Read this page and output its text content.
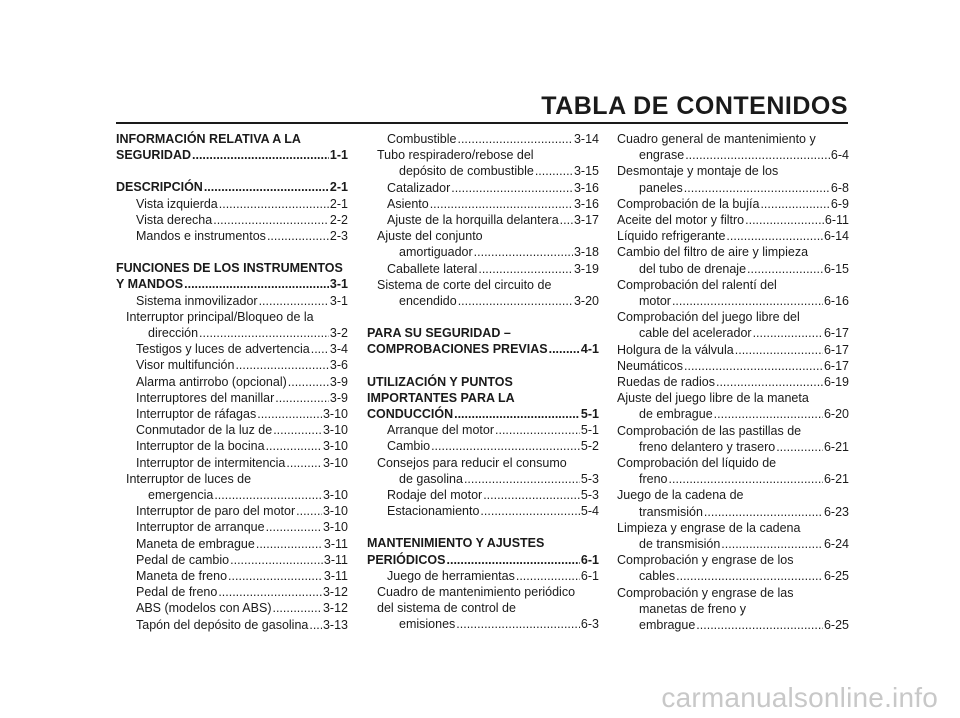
TABLA DE CONTENIDOS
INFORMACIÓN RELATIVA A LA
SEGURIDAD .....	1-1
DESCRIPCIÓN .....	2-1
Vista izquierda .....	2-1
Vista derecha .....	2-2
Mandos e instrumentos .....	2-3
FUNCIONES DE LOS INSTRUMENTOS
Y MANDOS .....	3-1
Sistema inmovilizador .....	3-1
Interruptor principal/Bloqueo de la
dirección .....	3-2
Testigos y luces de advertencia ..... 3-4
Visor multifunción .....	3-6
Alarma antirrobo (opcional) .....	3-9
Interruptores del manillar .....	3-9
Interruptor de ráfagas .....	3-10
Conmutador de la luz de .....	3-10
Interruptor de la bocina .....	3-10
Interruptor de intermitencia .....	3-10
Interruptor de luces de
emergencia .....	3-10
Interruptor de paro del motor ..... 3-10
Interruptor de arranque .....	3-10
Maneta de embrague .....	3-11
Pedal de cambio .....	3-11
Maneta de freno .....	3-11
Pedal de freno .....	3-12
ABS (modelos con ABS) .....	3-12
Tapón del depósito de gasolina ..... 3-13
Combustible .....	3-14
Tubo respiradero/rebose del
depósito de combustible .....	3-15
Catalizador .....	3-16
Asiento .....	3-16
Ajuste de la horquilla delantera ..... 3-17
Ajuste del conjunto
amortiguador .....	3-18
Caballete lateral .....	3-19
Sistema de corte del circuito de
encendido .....	3-20
PARA SU SEGURIDAD –
COMPROBACIONES PREVIAS .....	4-1
UTILIZACIÓN Y PUNTOS
IMPORTANTES PARA LA
CONDUCCIÓN .....	5-1
Arranque del motor .....	5-1
Cambio .....	5-2
Consejos para reducir el consumo
de gasolina .....	5-3
Rodaje del motor .....	5-3
Estacionamiento .....	5-4
MANTENIMIENTO Y AJUSTES
PERIÓDICOS .....	6-1
Juego de herramientas .....	6-1
Cuadro de mantenimiento periódico
del sistema de control de
emisiones .....	6-3
Cuadro general de mantenimiento y
engrase .....	6-4
Desmontaje y montaje de los
paneles .....	6-8
Comprobación de la bujía .....	6-9
Aceite del motor y filtro .....	6-11
Líquido refrigerante .....	6-14
Cambio del filtro de aire y limpieza
del tubo de drenaje .....	6-15
Comprobación del ralentí del
motor .....	6-16
Comprobación del juego libre del
cable del acelerador .....	6-17
Holgura de la válvula .....	6-17
Neumáticos .....	6-17
Ruedas de radios .....	6-19
Ajuste del juego libre de la maneta
de embrague .....	6-20
Comprobación de las pastillas de
freno delantero y trasero .....	6-21
Comprobación del líquido de
freno .....	6-21
Juego de la cadena de
transmisión .....	6-23
Limpieza y engrase de la cadena
de transmisión .....	6-24
Comprobación y engrase de los
cables .....	6-25
Comprobación y engrase de las
manetas de freno y
embrague .....	6-25
carmanualsonline.info
